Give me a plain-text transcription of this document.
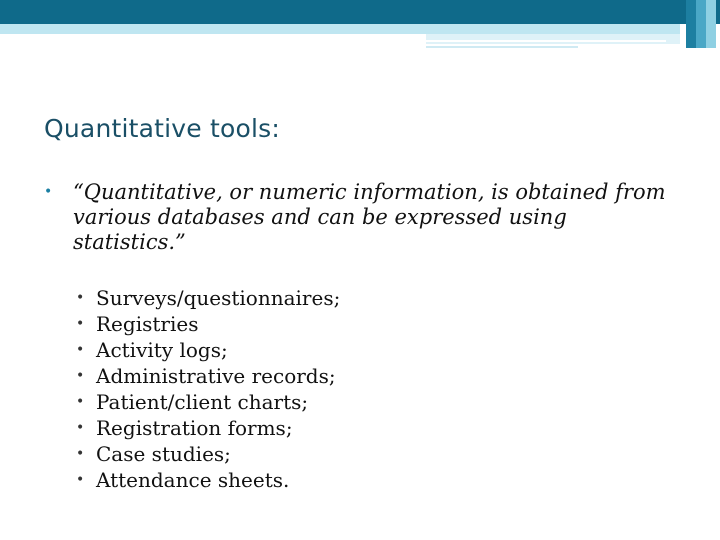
Quantitative tools:
• “Quantitative, or numeric information, is obtained from various databases and can be expressed using statistics.”
• Surveys/questionnaires;
• Registries
• Activity logs;
• Administrative records;
• Patient/client charts;
• Registration forms;
• Case studies;
• Attendance sheets.
